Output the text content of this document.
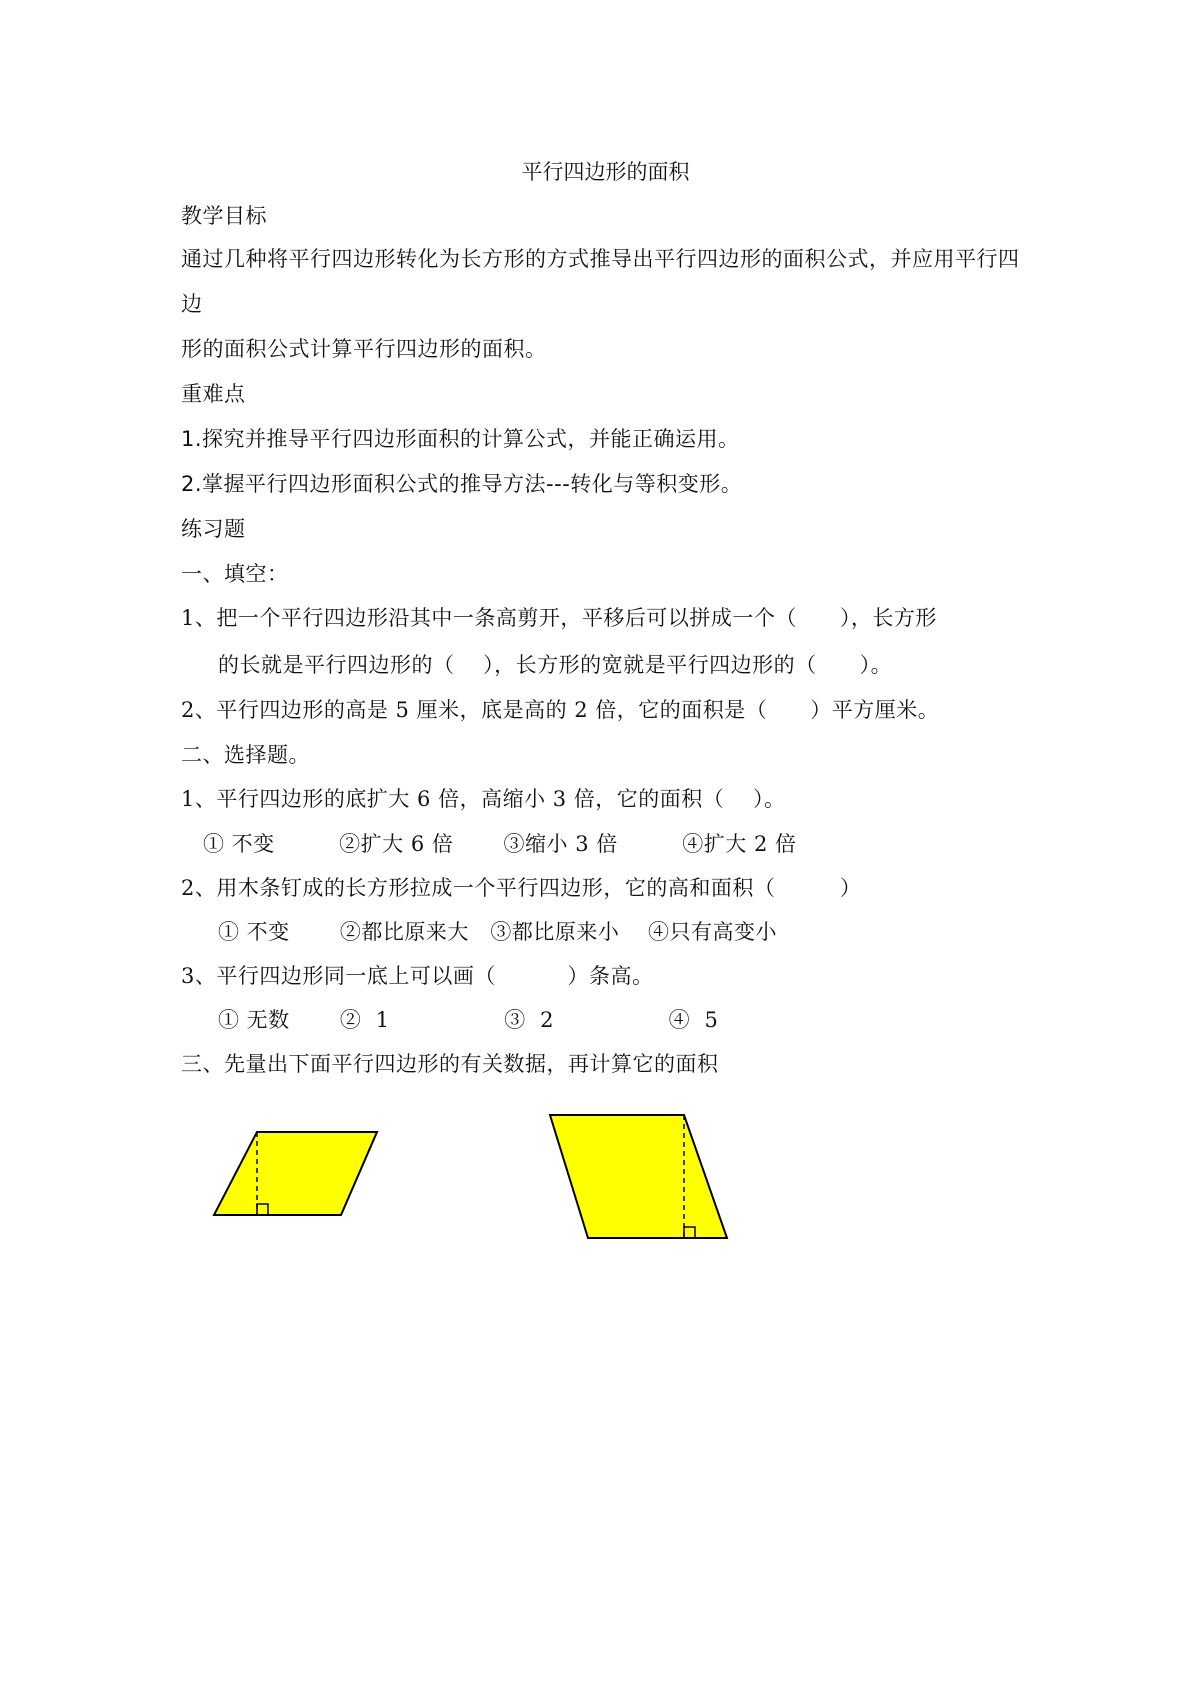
平行四边形的面积
教学目标
通过几种将平行四边形转化为长方形的方式推导出平行四边形的面积公式，并应用平行四
边
形的面积公式计算平行四边形的面积。
重难点
1.探究并推导平行四边形面积的计算公式，并能正确运用。
2.掌握平行四边形面积公式的推导方法---转化与等积变形。
练习题
一、填空：
1、把一个平行四边形沿其中一条高剪开，平移后可以拼成一个（　　），长方形
的长就是平行四边形的（　 ），长方形的宽就是平行四边形的（　　）。
2、平行四边形的高是 5 厘米，底是高的 2 倍，它的面积是（　　）平方厘米。
二、选择题。
1、平行四边形的底扩大 6 倍，高缩小 3 倍，它的面积（　 ）。
① 不变　　　②扩大 6 倍　　 ③缩小 3 倍　　　④扩大 2 倍
2、用木条钉成的长方形拉成一个平行四边形，它的高和面积（　　　）
① 不变　　 ②都比原来大　③都比原来小　 ④只有高变小
3、平行四边形同一底上可以画（　　　 ）条高。
① 无数　　 ②  1　　　　　 ③  2　　　　　 ④  5
三、先量出下面平行四边形的有关数据，再计算它的面积
